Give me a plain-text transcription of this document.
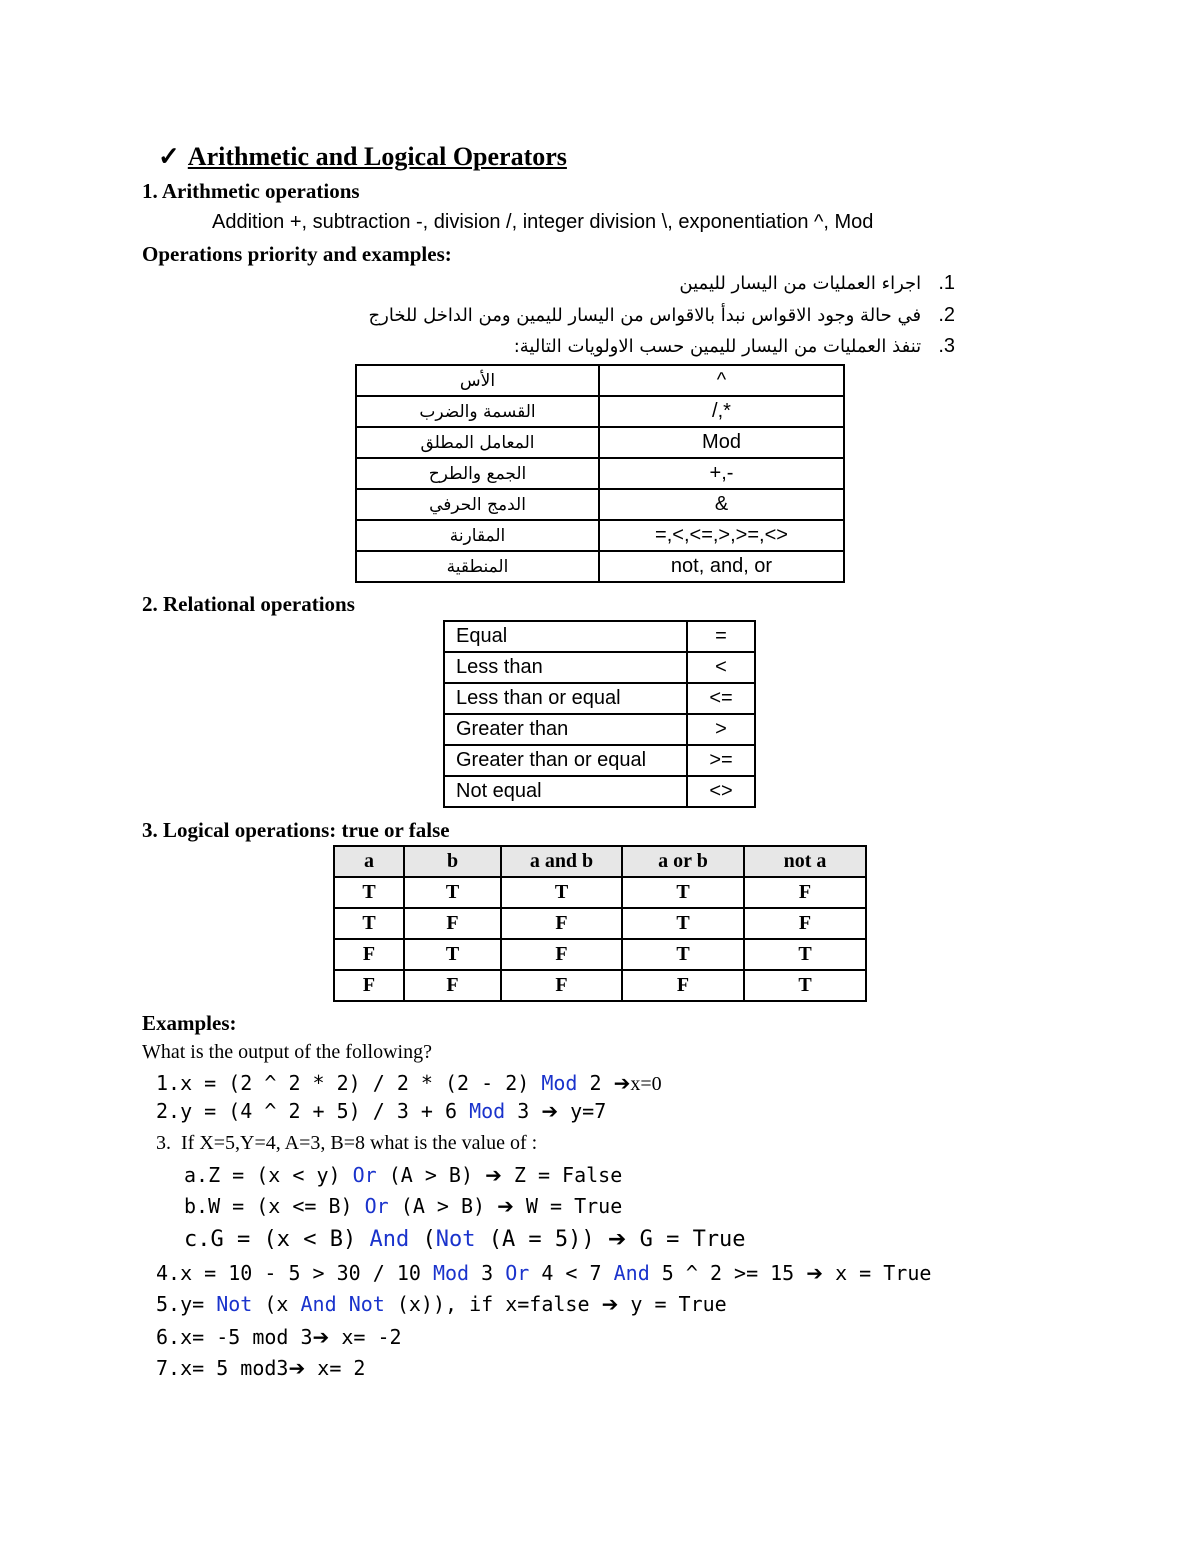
✓ Arithmetic and Logical Operators
1. Arithmetic operations
Addition +, subtraction -, division /, integer division \, exponentiation ^, Mod
Operations priority and examples:
1.   اجراء العمليات من اليسار لليمين
2.   في حالة وجود الاقواس نبدأ بالاقواس من اليسار لليمين ومن الداخل للخارج
3.   تنفذ العمليات من اليسار لليمين حسب الاولويات التالية:
الأس	^
القسمة والضرب	/,*
المعامل المطلق	Mod
الجمع والطرح	+,-
الدمج الحرفي	&
المقارنة	=,<,<=,>,>=,<>
المنطقية	not, and, or
2. Relational operations
Equal	=
Less than	<
Less than or equal	<=
Greater than	>
Greater than or equal	>=
Not equal	<>
3. Logical operations: true or false
a	b	a and b	a or b	not a
T	T	T	T	F
T	F	F	T	F
F	T	F	T	T
F	F	F	F	T
Examples:
What is the output of the following?
1.x = (2 ^ 2 * 2) / 2 * (2 - 2) Mod 2 ➔x=0
2.y = (4 ^ 2 + 5) / 3 + 6 Mod 3 ➔ y=7
3. If X=5,Y=4, A=3, B=8 what is the value of :
a.Z = (x < y) Or (A > B) ➔ Z = False
b.W = (x <= B) Or (A > B) ➔ W = True
c.G = (x < B) And (Not (A = 5)) ➔ G = True
4.x = 10 - 5 > 30 / 10 Mod 3 Or 4 < 7 And 5 ^ 2 >= 15 ➔ x = True
5.y= Not (x And Not (x)), if x=false ➔ y = True
6.x= -5 mod 3➔ x= -2
7.x= 5 mod3➔ x= 2
